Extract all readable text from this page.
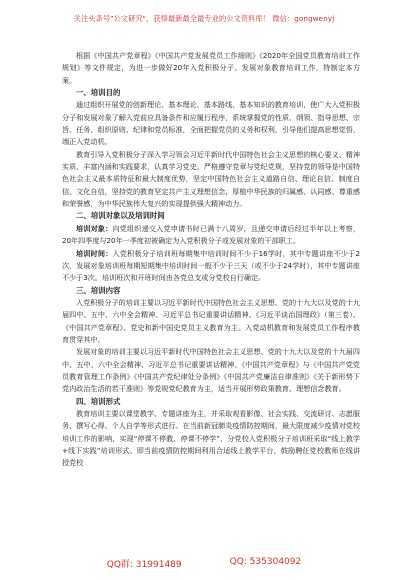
关注头条号"公文研究"，获得最新最全最专业的公文资料库！ 微信：gongwenyj

根据《中国共产党章程》《中国共产党发展党员工作细则》《2020年全国党员教育培训工作规划》等文件规定，为进一步做好20年入党积极分子、发展对象教育培训工作，特制定本方案。

一、培训目的

通过组织开展党的创新理论、基本理论、基本路线、基本知识的教育培训，使广大入党积极分子和发展对象了解入党前应具备条件和应履行程序，系统掌握党的性质、纲领、指导思想、宗旨、任务、组织原则、纪律和党员标准，全面把握党员的义务和权利，引导他们提高思想觉悟，端正入党动机。

教育引导入党积极分子深入学习领会习近平新时代中国特色社会主义思想的核心要义、精神实质、丰富内涵和实践要求，认真学习党史，严格遵守党章与党纪党规，坚持党的领导是中国特色社会主义最本质特征和最大制度优势，坚定中国特色社会主义道路自信、理论自信、制度自信、文化自信，坚持党的教育坚定共产主义理想信念，厚植中华民族的归属感、认同感、尊重感和荣誉感，为中华民族伟大复兴的实现提供强大精神动力。

二、培训对象以及培训时间

培训对象：向党组织递交入党申请书时已满十八周岁，且递交申请后经过半年以上考察，20年四季度与20年一季度初被确定为入党积极分子或发展对象的干部职工。

培训时间：入党积极分子培训班每期集中培训时间不少于16学时，其中专题讲座不少于2次，发展对象培训班每期短期集中培训时间一般不少于三天（或不少于24学时），其中专题讲座不少于3次。培训班次和开班时间由各党总支或分党校自行确定。

三、培训内容

入党积极分子的培训主要以习近平新时代中国特色社会主义思想、党的十九大以及党的十九届四中、五中、六中全会精神、习近平总书记重要讲话精神、《习近平谈治国理政》（第三卷）、《中国共产党章程》、党史和新中国史党员主义教育为主。入党动机教育和发展党员工作程序教育贯穿其中。

发展对象的培训主要以习近平新时代中国特色社会主义思想、党的十九大以及党的十九届四中、五中、六中全会精神、习近平总书记重要讲话精神、《中国共产党章程》与《中国共产党党员教育管理工作条例》《中国共产党纪律处分条例》《中国共产党廉洁自律准则》《关于新形势下党内政治生活的若干准则》等党规党纪教育为主，适当开展形势政策教育、理想信念教育。

四、培训形式

教育培训主要以课堂教学、专题讲座为主，并采取观看影像、社会实践、交流研讨、志愿服务、撰写心得、个人自学等形式进行。在当前新冠肺炎疫情防控期间，最大限度减少疫情对党校培训工作的影响，实现“停课不停教、停课不停学”，分党校入党积极分子培训班采取“线上教学+线下实践”培训形式。即当前疫情防控期间利用合适线上教学平台，鼓励聘任党校教师在线讲授党校

QQ群: 31991489	QQ: 535304092
